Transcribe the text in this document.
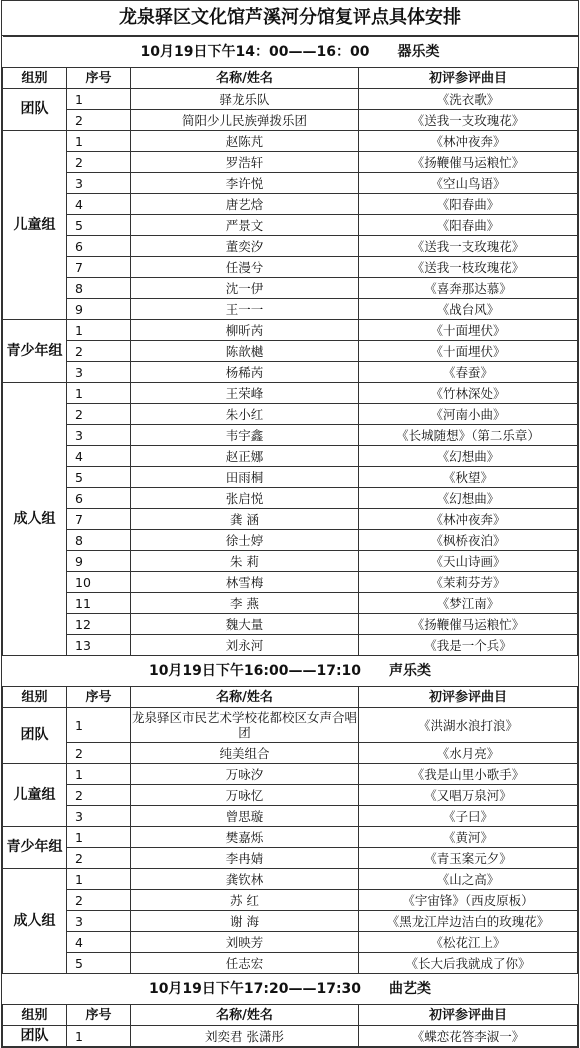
龙泉驿区文化馆芦溪河分馆复评点具体安排
10月19日下午14：00——16：00 器乐类			
组别	序号	名称/姓名	初评参评曲目
团队	1	驿龙乐队	《洗衣歌》
	2	简阳少儿民族弹拨乐团	《送我一支玫瑰花》
儿童组	1	赵陈芃	《林冲夜奔》
	2	罗浩轩	《扬鞭催马运粮忙》
	3	李许悦	《空山鸟语》
	4	唐艺焓	《阳春曲》
	5	严景文	《阳春曲》
	6	董奕汐	《送我一支玫瑰花》
	7	任漫兮	《送我一枝玫瑰花》
	8	沈一伊	《喜奔那达慕》
	9	王一一	《战台风》
青少年组	1	柳昕芮	《十面埋伏》
	2	陈歆樾	《十面埋伏》
	3	杨稀芮	《春蚕》
成人组	1	王荣峰	《竹林深处》
	2	朱小红	《河南小曲》
	3	韦宇鑫	《长城随想》（第二乐章）
	4	赵正娜	《幻想曲》
	5	田雨桐	《秋望》
	6	张启悦	《幻想曲》
	7	龚 涵	《林冲夜奔》
	8	徐士婷	《枫桥夜泊》
	9	朱 莉	《天山诗画》
	10	林雪梅	《茉莉芬芳》
	11	李 燕	《梦江南》
	12	魏大量	《扬鞭催马运粮忙》
	13	刘永河	《我是一个兵》
10月19日下午16:00——17:10 声乐类			
组别	序号	名称/姓名	初评参评曲目
团队	1	龙泉驿区市民艺术学校花都校区女声合唱团	《洪湖水浪打浪》
	2	纯美组合	《水月亮》
儿童组	1	万咏汐	《我是山里小歌手》
	2	万咏忆	《又唱万泉河》
	3	曾思璇	《子曰》
青少年组	1	樊嘉烁	《黄河》
	2	李冉婧	《青玉案元夕》
成人组	1	龚钦林	《山之高》
	2	苏 红	《宇宙锋》（西皮原板）
	3	谢 海	《黑龙江岸边洁白的玫瑰花》
	4	刘映芳	《松花江上》
	5	任志宏	《长大后我就成了你》
10月19日下午17:20——17:30 曲艺类			
组别	序号	名称/姓名	初评参评曲目
团队	1	刘奕君 张潇彤	《蝶恋花答李淑一》
